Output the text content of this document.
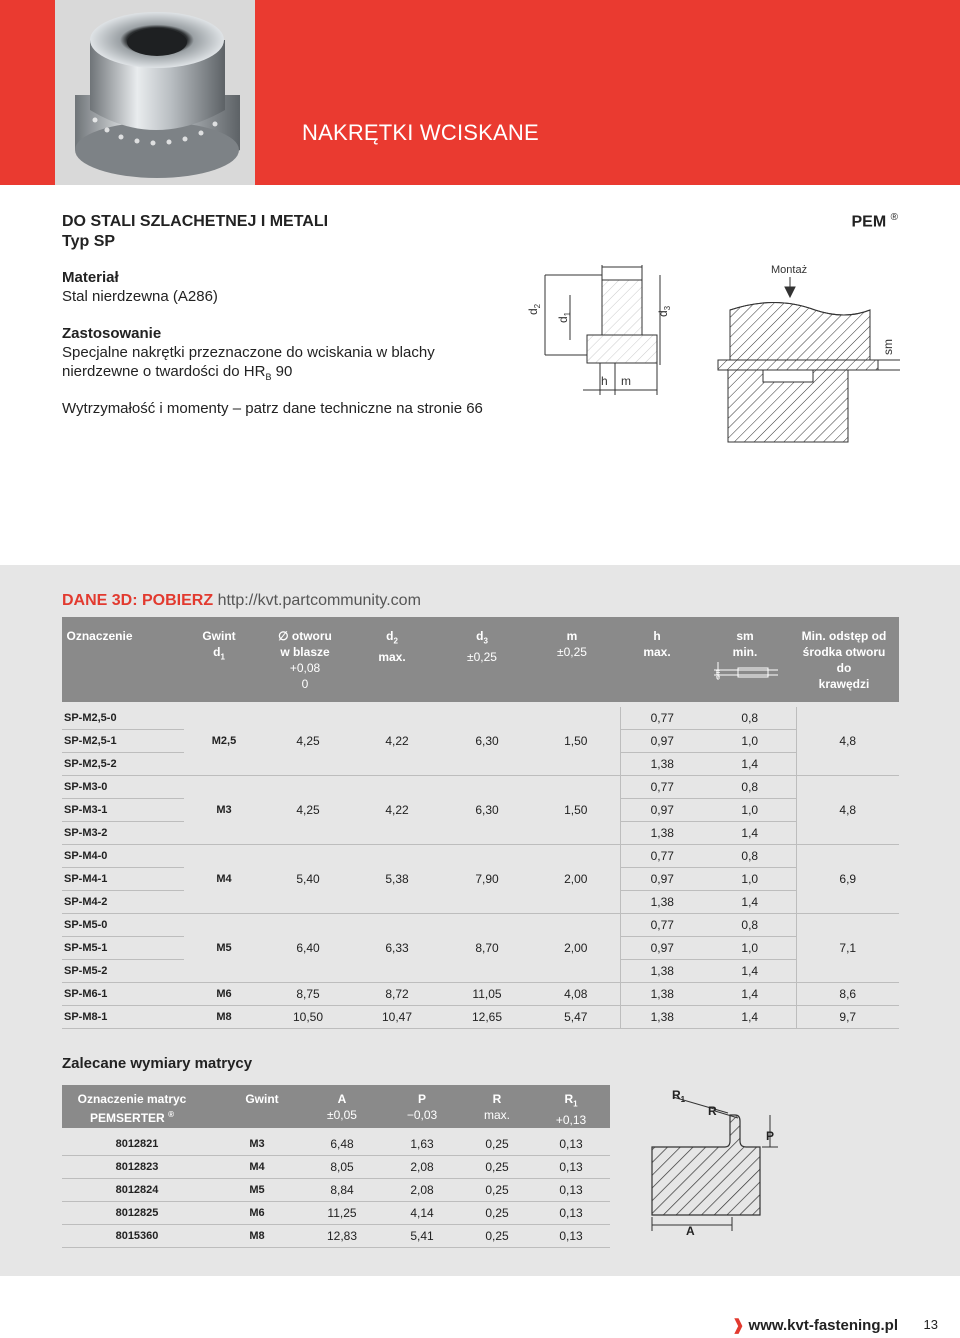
NAKRĘTKI WCISKANE
DO STALI SZLACHETNEJ I METALI
Typ SP
PEM ®
Materiał
Stal nierdzewna (A286)
Zastosowanie
Specjalne nakrętki przeznaczone do wciskania w blachy
nierdzewne o twardości do $HR_B$ 90
Wytrzymałość i momenty – patrz dane techniczne na stronie 66
$d_2$
$d_1$	$d_3$
h m
Montaż
sm
DANE 3D: POBIERZ http://kvt.partcommunity.com
Oznaczenie	Gwint
$d_1$
∅ otworu
w blasze
+0,08
0
$d_2$
max.
$d_3$
±0,25
m
±0,25
h
max.
sm
min.
sm
Min. odstęp od
środka otworu do
krawędzi
SP-M2,5-0	M2,5	4,25	4,22	6,30	1,50	0,77	0,8	4,8
SP-M2,5-1						0,97	1,0	
SP-M2,5-2						1,38	1,4	
SP-M3-0	M3	4,25	4,22	6,30	1,50	0,77	0,8	4,8
SP-M3-1						0,97	1,0	
SP-M3-2						1,38	1,4	
SP-M4-0	M4	5,40	5,38	7,90	2,00	0,77	0,8	6,9
SP-M4-1						0,97	1,0	
SP-M4-2						1,38	1,4	
SP-M5-0	M5	6,40	6,33	8,70	2,00	0,77	0,8	7,1
SP-M5-1						0,97	1,0	
SP-M5-2						1,38	1,4	
SP-M6-1	M6	8,75	8,72	11,05	4,08	1,38	1,4	8,6
SP-M8-1	M8	10,50	10,47	12,65	5,47	1,38	1,4	9,7
Zalecane wymiary matrycy
Oznaczenie matryc
PEMSERTER ®
Gwint	A
±0,05
P
−0,03
R
max.
$R_1$
+0,13
8012821	M3	6,48	1,63	0,25	0,13
8012823	M4	8,05	2,08	0,25	0,13
8012824	M5	8,84	2,08	0,25	0,13
8012825	M6	11,25	4,14	0,25	0,13
8015360	M8	12,83	5,41	0,25	0,13
$R_1$
R
P
A
❱ www.kvt-fastening.pl 13
